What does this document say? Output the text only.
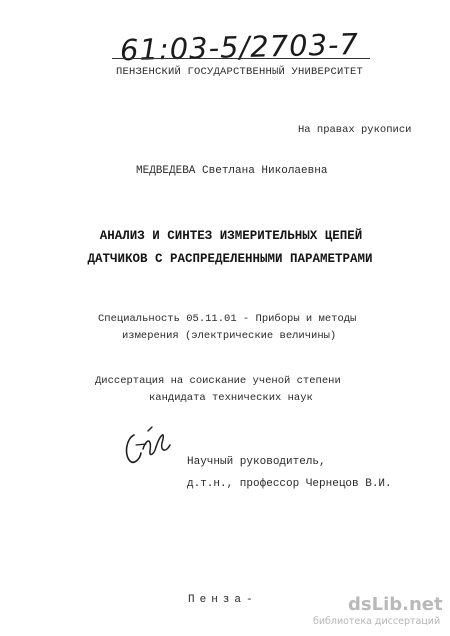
61:03-5/2703-7
ПЕНЗЕНСКИЙ ГОСУДАРСТВЕННЫЙ УНИВЕРСИТЕТ
На правах рукописи
МЕДВЕДЕВА Светлана Николаевна
АНАЛИЗ И СИНТЕЗ ИЗМЕРИТЕЛЬНЫХ ЦЕПЕЙ
ДАТЧИКОВ С РАСПРЕДЕЛЕННЫМИ ПАРАМЕТРАМИ
Специальность 05.11.01 - Приборы и методы
измерения (электрические величины)
Диссертация на соискание ученой степени
кандидата технических наук
Научный руководитель,
д.т.н., профессор Чернецов В.И.
Пенза-	dsLib.net
библиотека диссертаций
